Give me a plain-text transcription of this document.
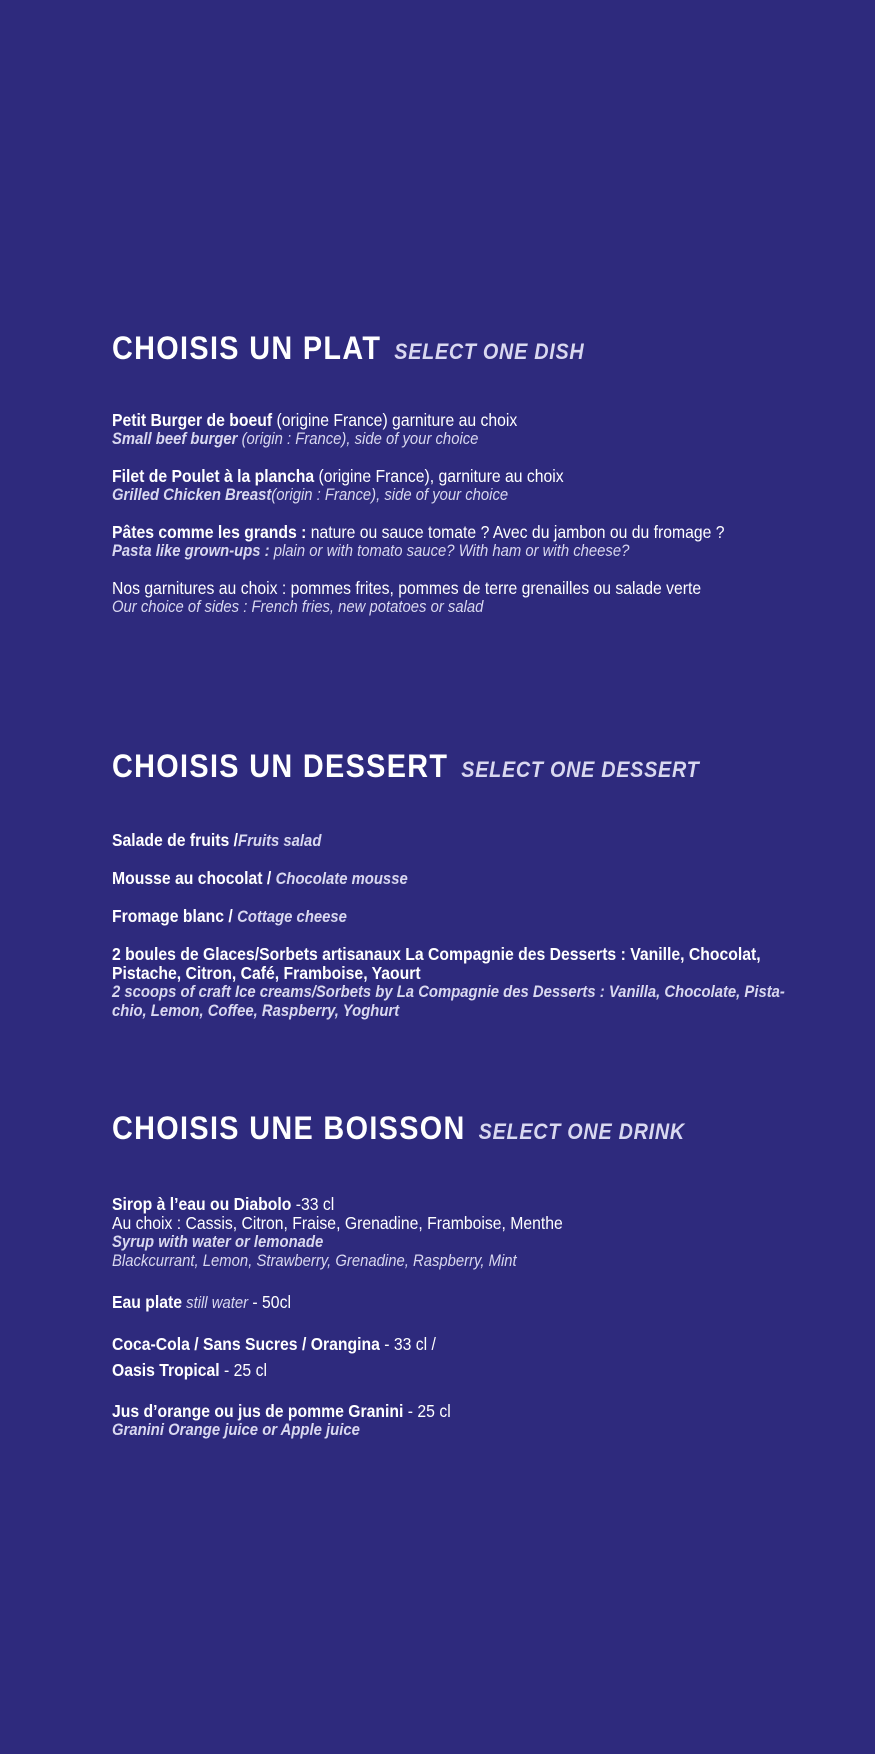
CHOISIS UN PLAT SELECT ONE DISH
Petit Burger de boeuf (origine France) garniture au choix
Small beef burger (origin : France), side of your choice
Filet de Poulet à la plancha (origine France), garniture au choix
Grilled Chicken Breast(origin : France), side of your choice
Pâtes comme les grands : nature ou sauce tomate ? Avec du jambon ou du fromage ?
Pasta like grown-ups : plain or with tomato sauce? With ham or with cheese?
Nos garnitures au choix : pommes frites, pommes de terre grenailles ou salade verte
Our choice of sides : French fries, new potatoes or salad
CHOISIS UN DESSERT SELECT ONE DESSERT
Salade de fruits /Fruits salad
Mousse au chocolat / Chocolate mousse
Fromage blanc / Cottage cheese
2 boules de Glaces/Sorbets artisanaux La Compagnie des Desserts : Vanille, Chocolat,
Pistache, Citron, Café, Framboise, Yaourt
2 scoops of craft Ice creams/Sorbets by La Compagnie des Desserts : Vanilla, Chocolate, Pista-
chio, Lemon, Coffee, Raspberry, Yoghurt
CHOISIS UNE BOISSON SELECT ONE DRINK
Sirop à l’eau ou Diabolo -33 cl
Au choix : Cassis, Citron, Fraise, Grenadine, Framboise, Menthe
Syrup with water or lemonade
Blackcurrant, Lemon, Strawberry, Grenadine, Raspberry, Mint
Eau plate still water - 50cl
Coca-Cola / Sans Sucres / Orangina - 33 cl /
Oasis Tropical - 25 cl
Jus d’orange ou jus de pomme Granini - 25 cl
Granini Orange juice or Apple juice
